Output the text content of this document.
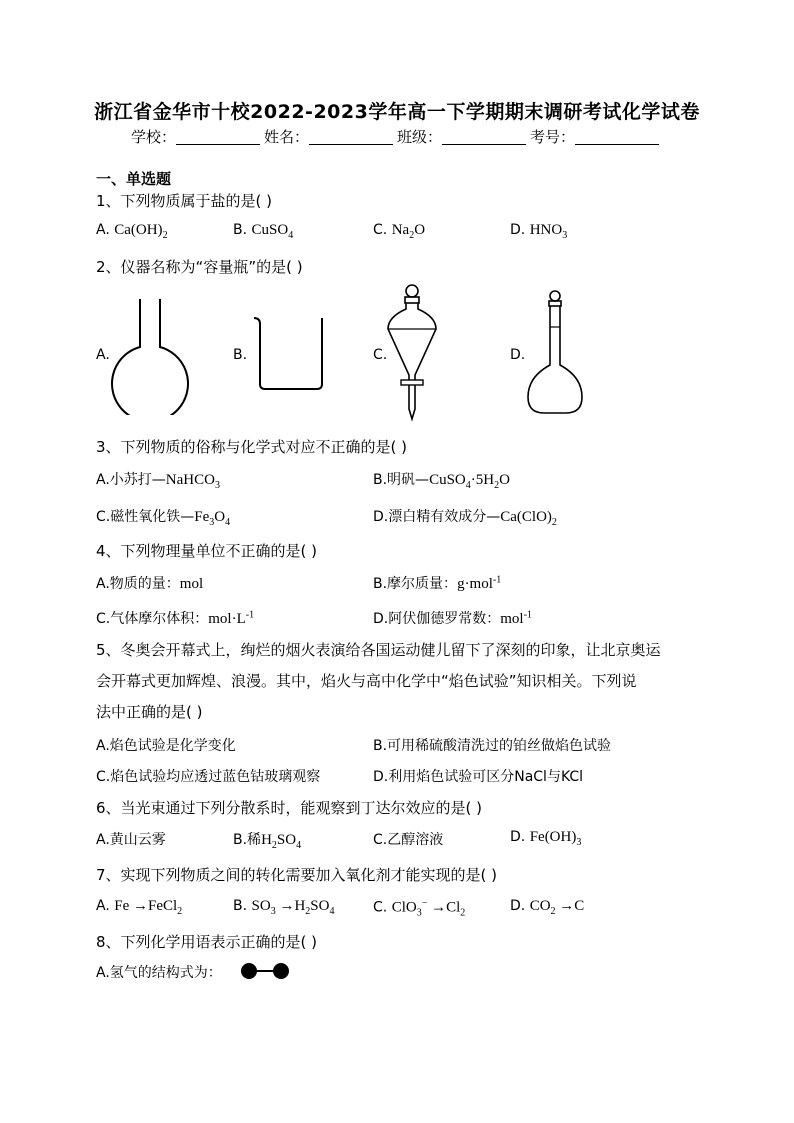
浙江省金华市十校2022-2023学年高一下学期期末调研考试化学试卷
学校：	姓名：	班级：	考号：
一、单选题
1、下列物质属于盐的是( )
A. $Ca(OH)_2$	B. CuSO$_4$	C. $Na_2O$	D. $HNO_3$
2、仪器名称为“容量瓶”的是( )
A.	B.	C.	D.
3、下列物质的俗称与化学式对应不正确的是( )
A.小苏打—NaHCO$_3$	B.明矾$—CuSO_4\cdot 5H_2O$
C.磁性氧化铁$—Fe_3O_4$	D.漂白精有效成分$—Ca(ClO)_2$
4、下列物理量单位不正确的是( )
A.物质的量：mol	B.摩尔质量：g·mol$^{-1}$
C.气体摩尔体积：$mol\cdot L^{-1}$	D.阿伏伽德罗常数：mol$^{-1}$
5、冬奥会开幕式上，绚烂的烟火表演给各国运动健儿留下了深刻的印象，让北京奥运
会开幕式更加辉煌、浪漫。其中，焰火与高中化学中“焰色试验”知识相关。下列说
法中正确的是( )
A.焰色试验是化学变化	B.可用稀硫酸清洗过的铂丝做焰色试验
C.焰色试验均应透过蓝色钴玻璃观察	D.利用焰色试验可区分NaCl与KCl
6、当光束通过下列分散系时，能观察到丁达尔效应的是( )
A.黄山云雾	B.稀$H_2SO_4$	C.乙醇溶液	D. $Fe(OH)_3$
7、实现下列物质之间的转化需要加入氧化剂才能实现的是( )
A. Fe →FeCl$_2$	B. $SO_3 \to H_2SO_4$	C. $ClO_3^- \to Cl_2$	D. $CO_2 \to C$
8、下列化学用语表示正确的是( )
A.氢气的结构式为：
